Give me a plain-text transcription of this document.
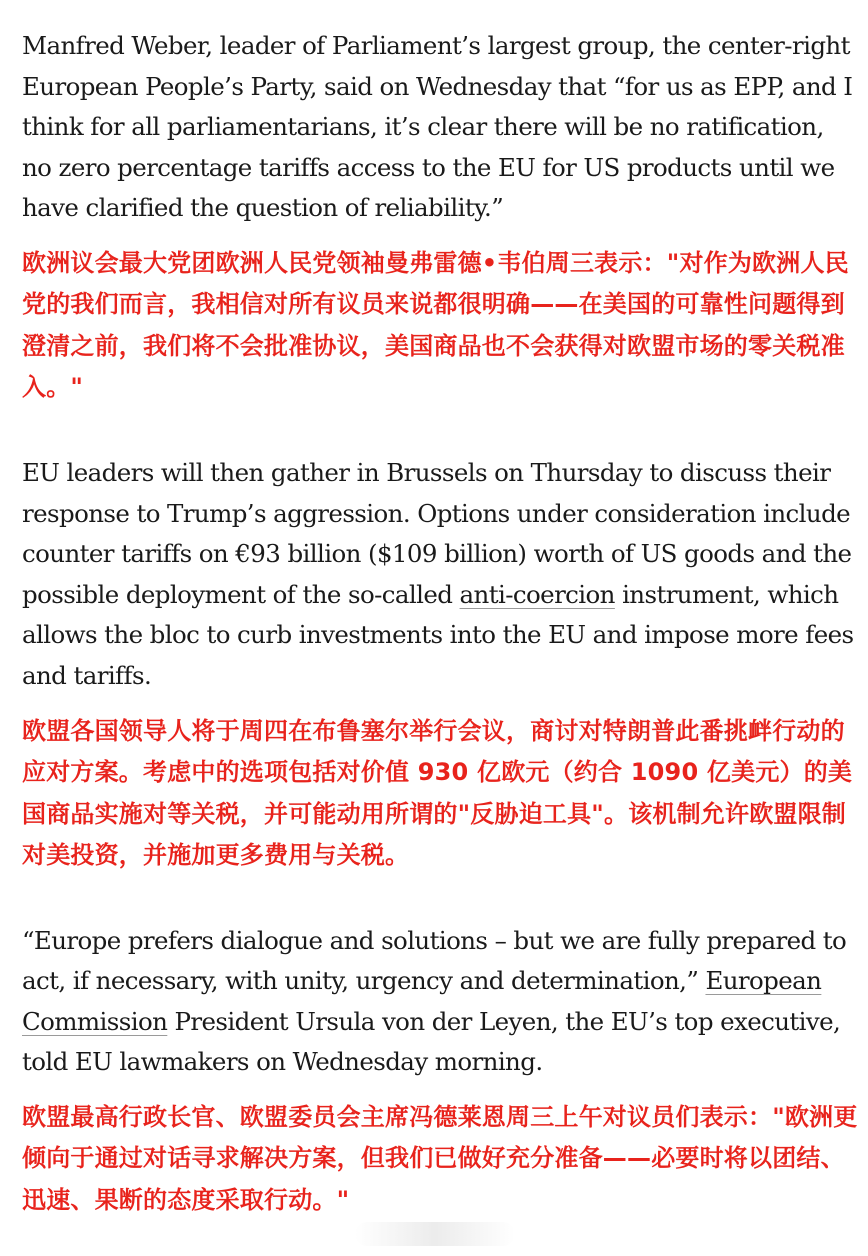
Manfred Weber, leader of Parliament’s largest group, the center-right European People’s Party, said on Wednesday that “for us as EPP, and I think for all parliamentarians, it’s clear there will be no ratification, no zero percentage tariffs access to the EU for US products until we have clarified the question of reliability.”

欧洲议会最大党团欧洲人民党领袖曼弗雷德•韦伯周三表示："对作为欧洲人民党的我们而言，我相信对所有议员来说都很明确——在美国的可靠性问题得到澄清之前，我们将不会批准协议，美国商品也不会获得对欧盟市场的零关税准入。"

EU leaders will then gather in Brussels on Thursday to discuss their response to Trump’s aggression. Options under consideration include counter tariffs on €93 billion ($109 billion) worth of US goods and the possible deployment of the so-called anti-coercion instrument, which allows the bloc to curb investments into the EU and impose more fees and tariffs.

欧盟各国领导人将于周四在布鲁塞尔举行会议，商讨对特朗普此番挑衅行动的应对方案。考虑中的选项包括对价值 930 亿欧元（约合 1090 亿美元）的美国商品实施对等关税，并可能动用所谓的"反胁迫工具"。该机制允许欧盟限制对美投资，并施加更多费用与关税。

“Europe prefers dialogue and solutions – but we are fully prepared to act, if necessary, with unity, urgency and determination,” European Commission President Ursula von der Leyen, the EU’s top executive, told EU lawmakers on Wednesday morning.

欧盟最高行政长官、欧盟委员会主席冯德莱恩周三上午对议员们表示："欧洲更倾向于通过对话寻求解决方案，但我们已做好充分准备——必要时将以团结、迅速、果断的态度采取行动。"
